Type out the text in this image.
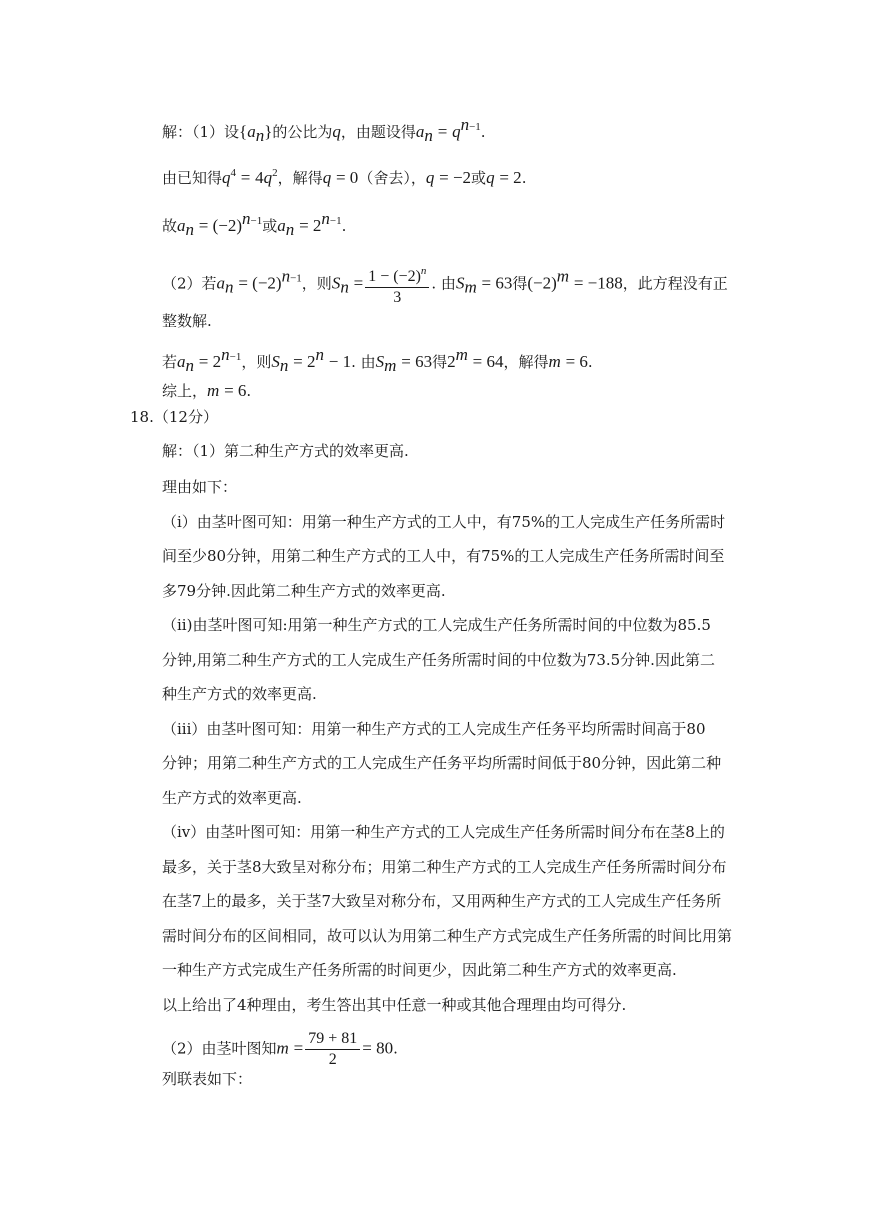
解：（1）设$\{a_n\}$的公比为q，由题设得$a_n = q^{n-1}$.
由已知得$q^4 = 4q^2$，解得q = 0（舍去），q = −2或q = 2.
故$a_n = (-2)^{n-1}$或$a_n = 2^{n-1}$.
（2）若$a_n = (-2)^{n-1}$，则$S_n = \frac{1 - (-2)^n}{3}$ . 由$S_m = 63$得$(-2)^m = -188$，此方程没有正
整数解.
若$a_n = 2^{n-1}$，则$S_n = 2^n - 1$. 由$S_m = 63$得$2^m = 64$，解得m = 6.
综上，m = 6.
18.（12分）
解：（1）第二种生产方式的效率更高.
理由如下：
（i）由茎叶图可知：用第一种生产方式的工人中，有75%的工人完成生产任务所需时
间至少80分钟，用第二种生产方式的工人中，有75%的工人完成生产任务所需时间至
多79分钟.因此第二种生产方式的效率更高.
（ii)由茎叶图可知:用第一种生产方式的工人完成生产任务所需时间的中位数为85.5
分钟,用第二种生产方式的工人完成生产任务所需时间的中位数为73.5分钟.因此第二
种生产方式的效率更高.
（iii）由茎叶图可知：用第一种生产方式的工人完成生产任务平均所需时间高于80
分钟；用第二种生产方式的工人完成生产任务平均所需时间低于80分钟，因此第二种
生产方式的效率更高.
（iv）由茎叶图可知：用第一种生产方式的工人完成生产任务所需时间分布在茎8上的
最多，关于茎8大致呈对称分布；用第二种生产方式的工人完成生产任务所需时间分布
在茎7上的最多，关于茎7大致呈对称分布，又用两种生产方式的工人完成生产任务所
需时间分布的区间相同，故可以认为用第二种生产方式完成生产任务所需的时间比用第
一种生产方式完成生产任务所需的时间更少，因此第二种生产方式的效率更高.
以上给出了4种理由，考生答出其中任意一种或其他合理理由均可得分.
（2）由茎叶图知$m = \frac{79 + 81}{2} = 80$.
列联表如下：
